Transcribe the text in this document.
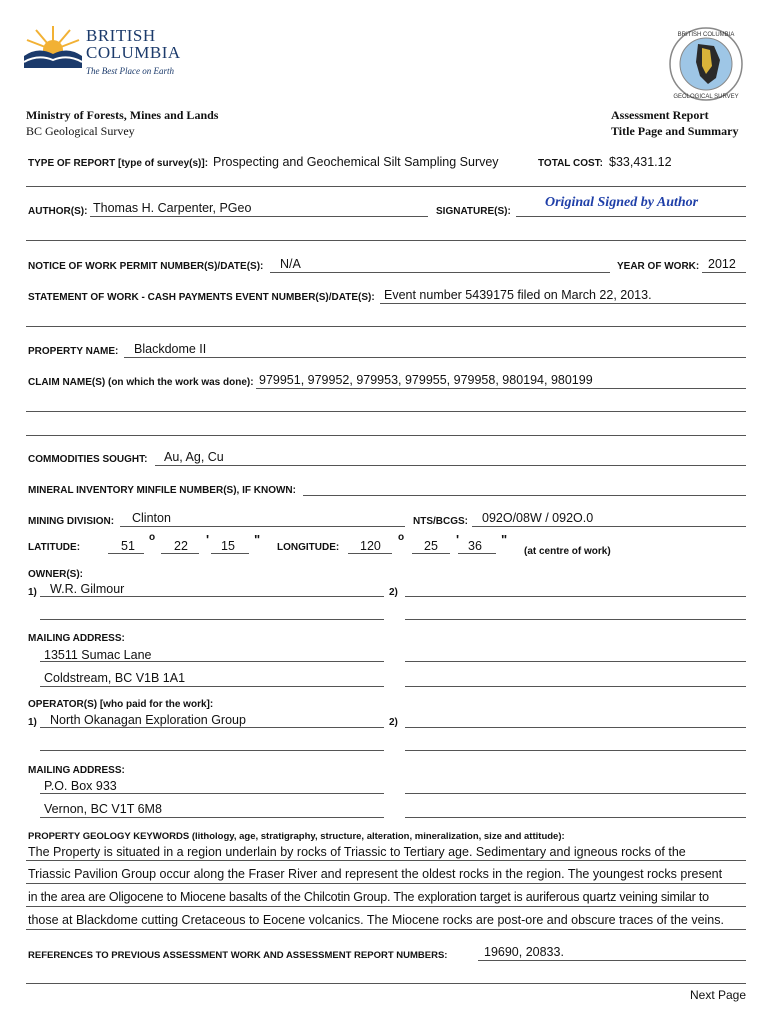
BRITISH
COLUMBIA
The Best Place on Earth
BRITISH COLUMBIA
GEOLOGICAL SURVEY
Ministry of Forests, Mines and Lands
BC Geological Survey
Assessment Report
Title Page and Summary
TYPE OF REPORT [type of survey(s)]: Prospecting and Geochemical Silt Sampling Survey	TOTAL COST: $33,431.12
AUTHOR(S): Thomas H. Carpenter, PGeo	SIGNATURE(S):
Original Signed by Author
NOTICE OF WORK PERMIT NUMBER(S)/DATE(S): N/A	YEAR OF WORK: 2012
STATEMENT OF WORK - CASH PAYMENTS EVENT NUMBER(S)/DATE(S): Event number 5439175 filed on March 22, 2013.
PROPERTY NAME: Blackdome II
CLAIM NAME(S) (on which the work was done): 979951, 979952, 979953, 979955, 979958, 980194, 980199
COMMODITIES SOUGHT: Au, Ag, Cu
MINERAL INVENTORY MINFILE NUMBER(S), IF KNOWN:
MINING DIVISION: Clinton	NTS/BCGS: 092O/08W / 092O.0
LATITUDE:	51
o
22 ' 15 "
LONGITUDE: 120
o
25 ' 36 "
(at centre of work)
OWNER(S):
1) W.R. Gilmour	2)
MAILING ADDRESS:
13511 Sumac Lane
Coldstream, BC V1B 1A1
OPERATOR(S) [who paid for the work]:
1) North Okanagan Exploration Group	2)
MAILING ADDRESS:
P.O. Box 933
Vernon, BC V1T 6M8
PROPERTY GEOLOGY KEYWORDS (lithology, age, stratigraphy, structure, alteration, mineralization, size and attitude):
The Property is situated in a region underlain by rocks of Triassic to Tertiary age. Sedimentary and igneous rocks of the
Triassic Pavilion Group occur along the Fraser River and represent the oldest rocks in the region. The youngest rocks present
in the area are Oligocene to Miocene basalts of the Chilcotin Group. The exploration target is auriferous quartz veining similar to
those at Blackdome cutting Cretaceous to Eocene volcanics. The Miocene rocks are post-ore and obscure traces of the veins.
REFERENCES TO PREVIOUS ASSESSMENT WORK AND ASSESSMENT REPORT NUMBERS:	19690, 20833.
Next Page
